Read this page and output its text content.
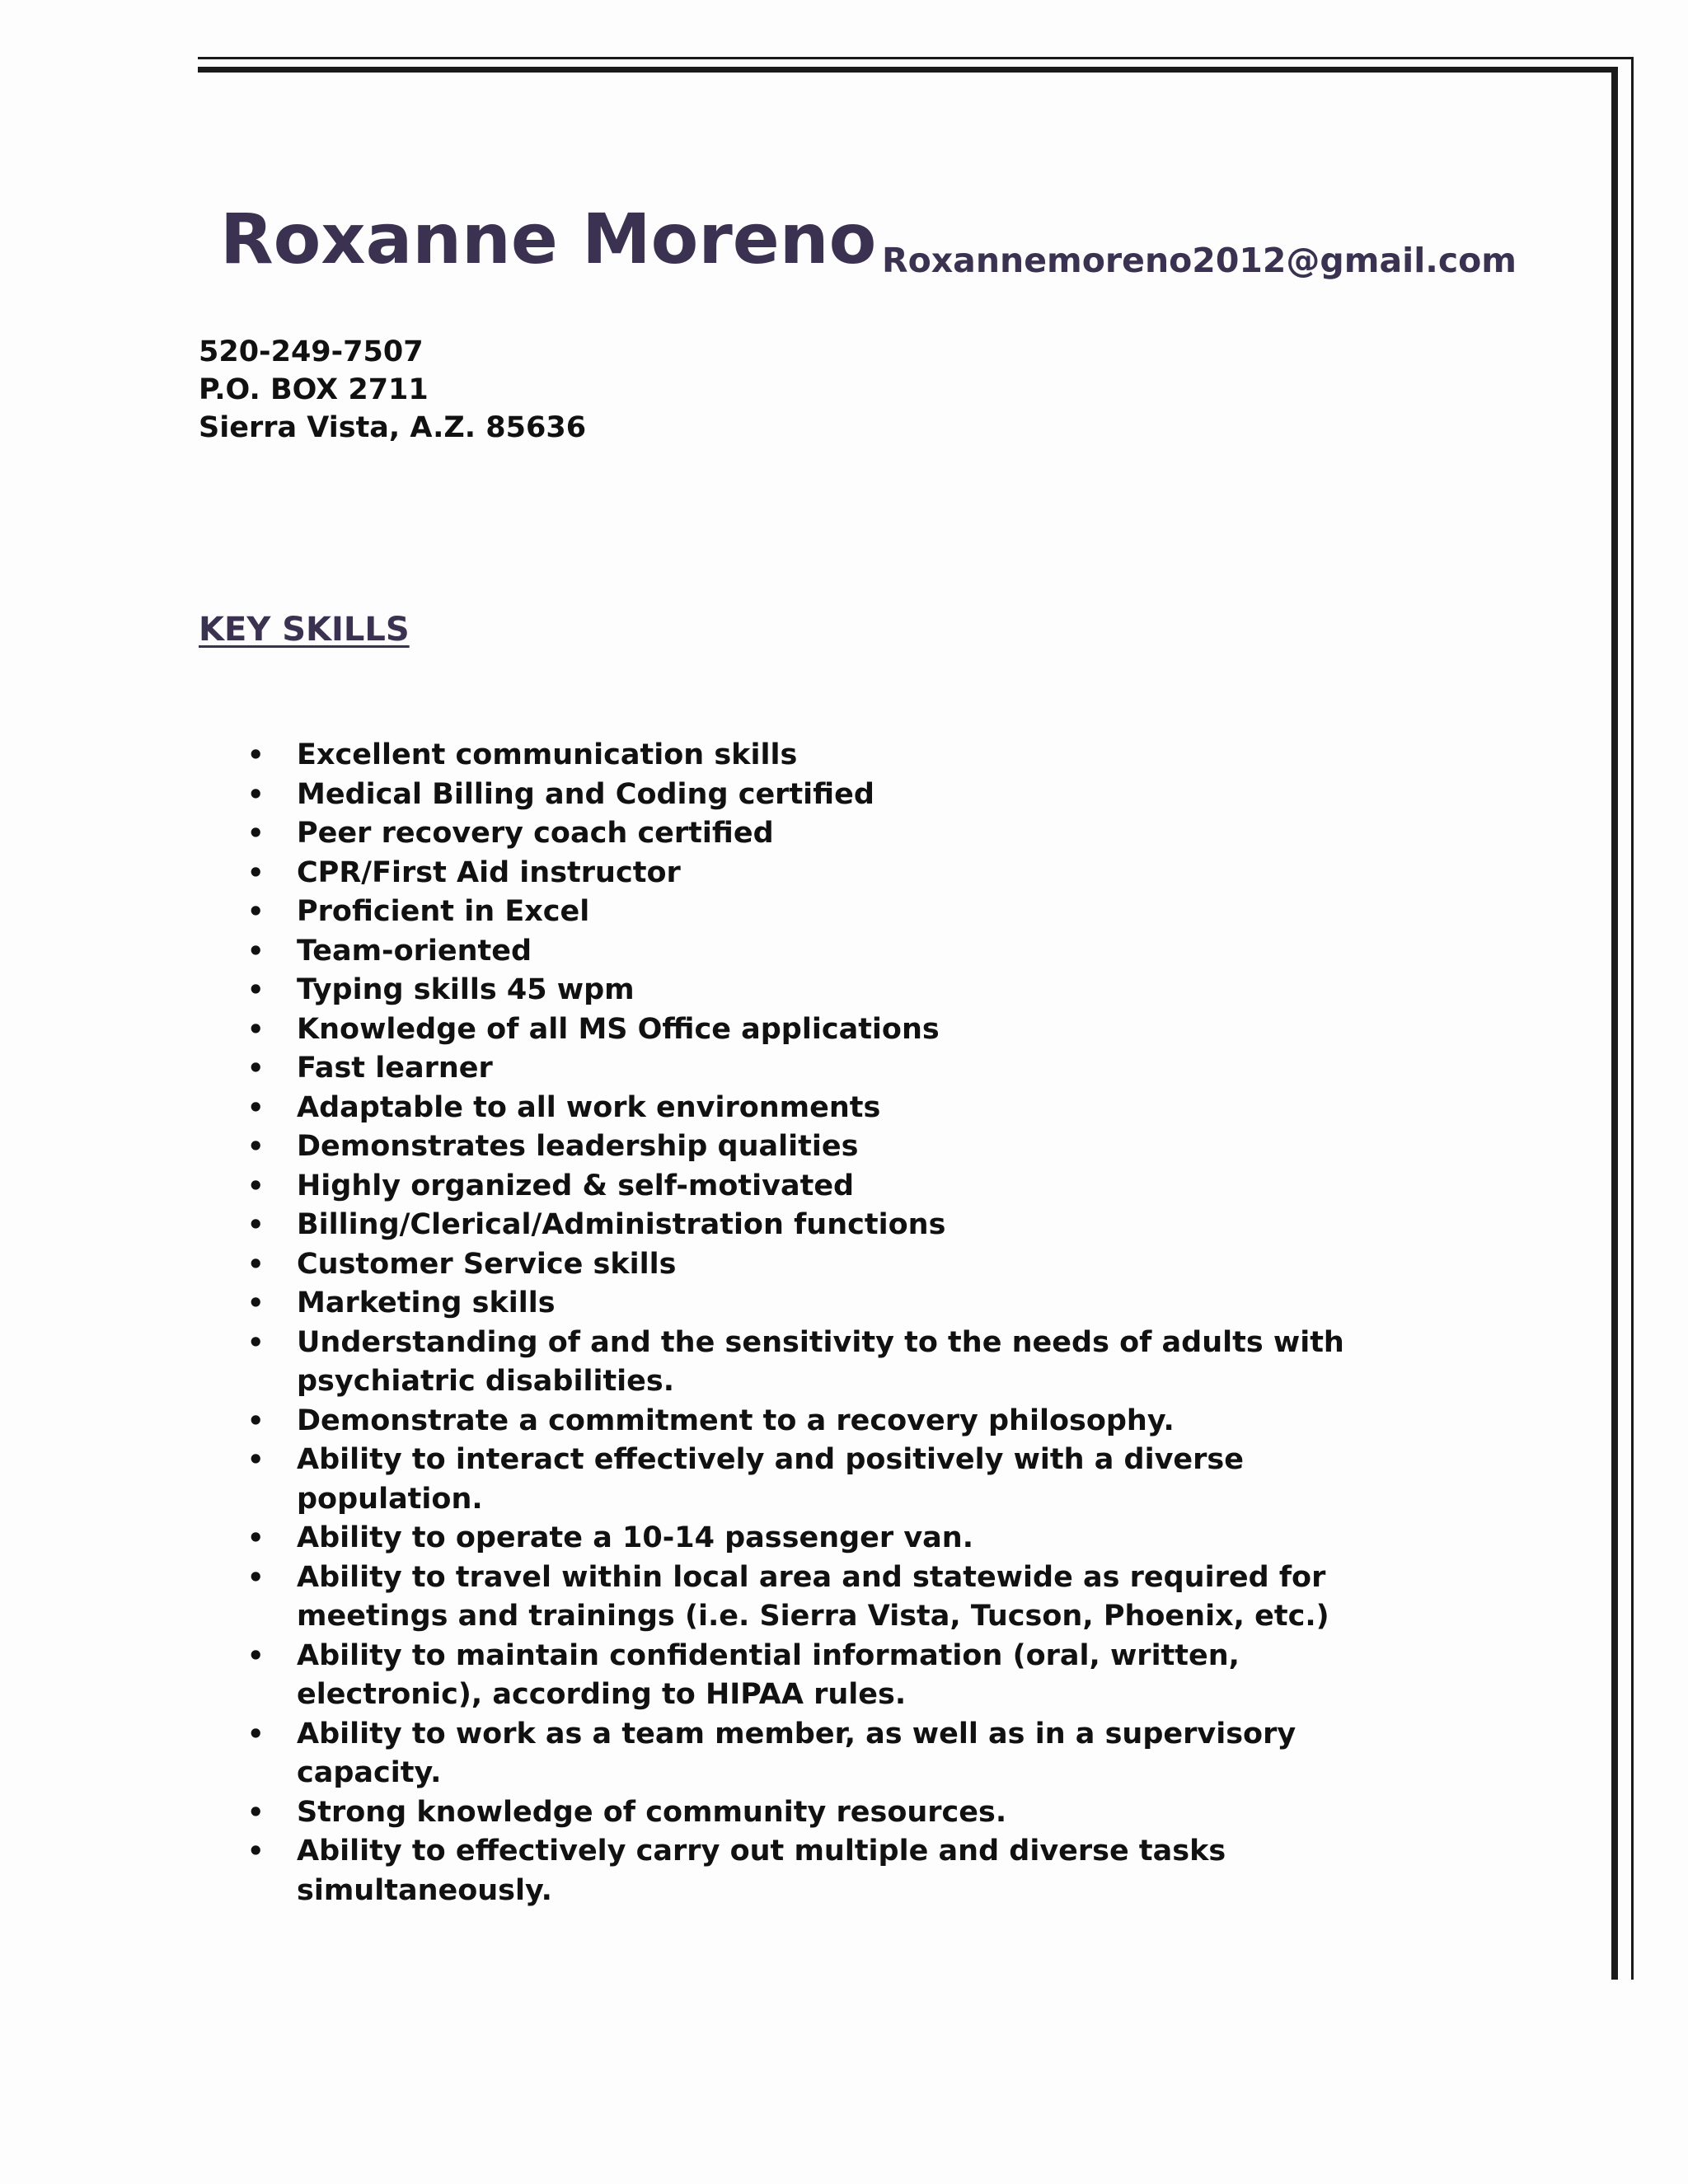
Roxanne Moreno Roxannemoreno2012@gmail.com
520-249-7507
P.O. BOX 2711
Sierra Vista, A.Z. 85636
KEY SKILLS
•	Excellent communication skills
•	Medical Billing and Coding certified
•	Peer recovery coach certified
•	CPR/First Aid instructor
•	Proficient in Excel
•	Team-oriented
•	Typing skills 45 wpm
•	Knowledge of all MS Office applications
•	Fast learner
•	Adaptable to all work environments
•	Demonstrates leadership qualities
•	Highly organized & self-motivated
•	Billing/Clerical/Administration functions
•	Customer Service skills
•	Marketing skills
•	Understanding of and the sensitivity to the needs of adults with psychiatric disabilities.
•	Demonstrate a commitment to a recovery philosophy.
•	Ability to interact effectively and positively with a diverse population.
•	Ability to operate a 10-14 passenger van.
•	Ability to travel within local area and statewide as required for meetings and trainings (i.e. Sierra Vista, Tucson, Phoenix, etc.)
•	Ability to maintain confidential information (oral, written, electronic), according to HIPAA rules.
•	Ability to work as a team member, as well as in a supervisory capacity.
•	Strong knowledge of community resources.
•	Ability to effectively carry out multiple and diverse tasks simultaneously.
